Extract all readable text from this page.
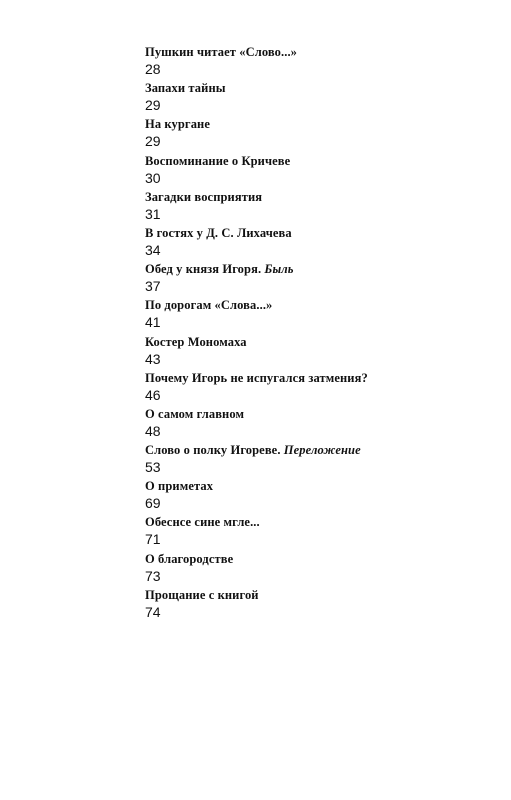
Пушкин читает «Слово...»
28
Запахи тайны
29
На кургане
29
Воспоминание о Кричеве
30
Загадки восприятия
31
В гостях у Д. С. Лихачева
34
Обед у князя Игоря. Быль
37
По дорогам «Слова...»
41
Костер Мономаха
43
Почему Игорь не испугался затмения?
46
О самом главном
48
Слово о полку Игореве. Переложение
53
О приметах
69
Обеснсе сине мгле...
71
О благородстве
73
Прощание с книгой
74
